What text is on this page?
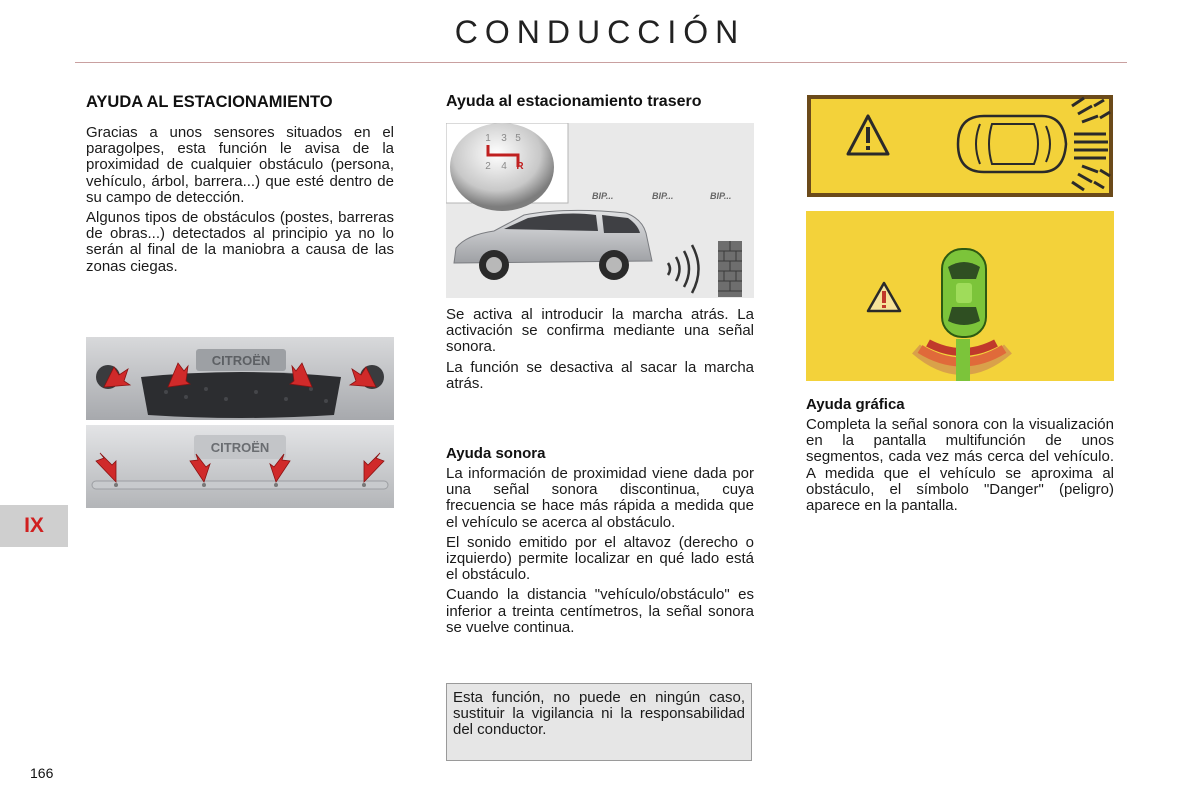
CONDUCCIÓN
IX
166
AYUDA AL ESTACIONAMIENTO

Gracias a unos sensores situados en el paragolpes, esta función le avisa de la proximidad de cualquier obstáculo (persona, vehículo, árbol, barrera...) que esté dentro de su campo de detección.

Algunos tipos de obstáculos (postes, barreras de obras...) detectados al principio ya no lo serán al final de la maniobra a causa de las zonas ciegas.

CITROËN
CITROËN
Ayuda al estacionamiento trasero
1 3 5
2 4 R
BIP...	BIP...	BIP...

Se activa al introducir la marcha atrás. La activación se confirma mediante una señal sonora.

La función se desactiva al sacar la marcha atrás.

Ayuda sonora

La información de proximidad viene dada por una señal sonora discontinua, cuya frecuencia se hace más rápida a medida que el vehículo se acerca al obstáculo.

El sonido emitido por el altavoz (derecho o izquierdo) permite localizar en qué lado está el obstáculo.

Cuando la distancia "vehículo/obstáculo" es inferior a treinta centímetros, la señal sonora se vuelve continua.

Esta función, no puede en ningún caso, sustituir la vigilancia ni la responsabilidad del conductor.

Ayuda gráfica

Completa la señal sonora con la visualización en la pantalla multifunción de unos segmentos, cada vez más cerca del vehículo. A medida que el vehículo se aproxima al obstáculo, el símbolo "Danger" (peligro) aparece en la pantalla.
